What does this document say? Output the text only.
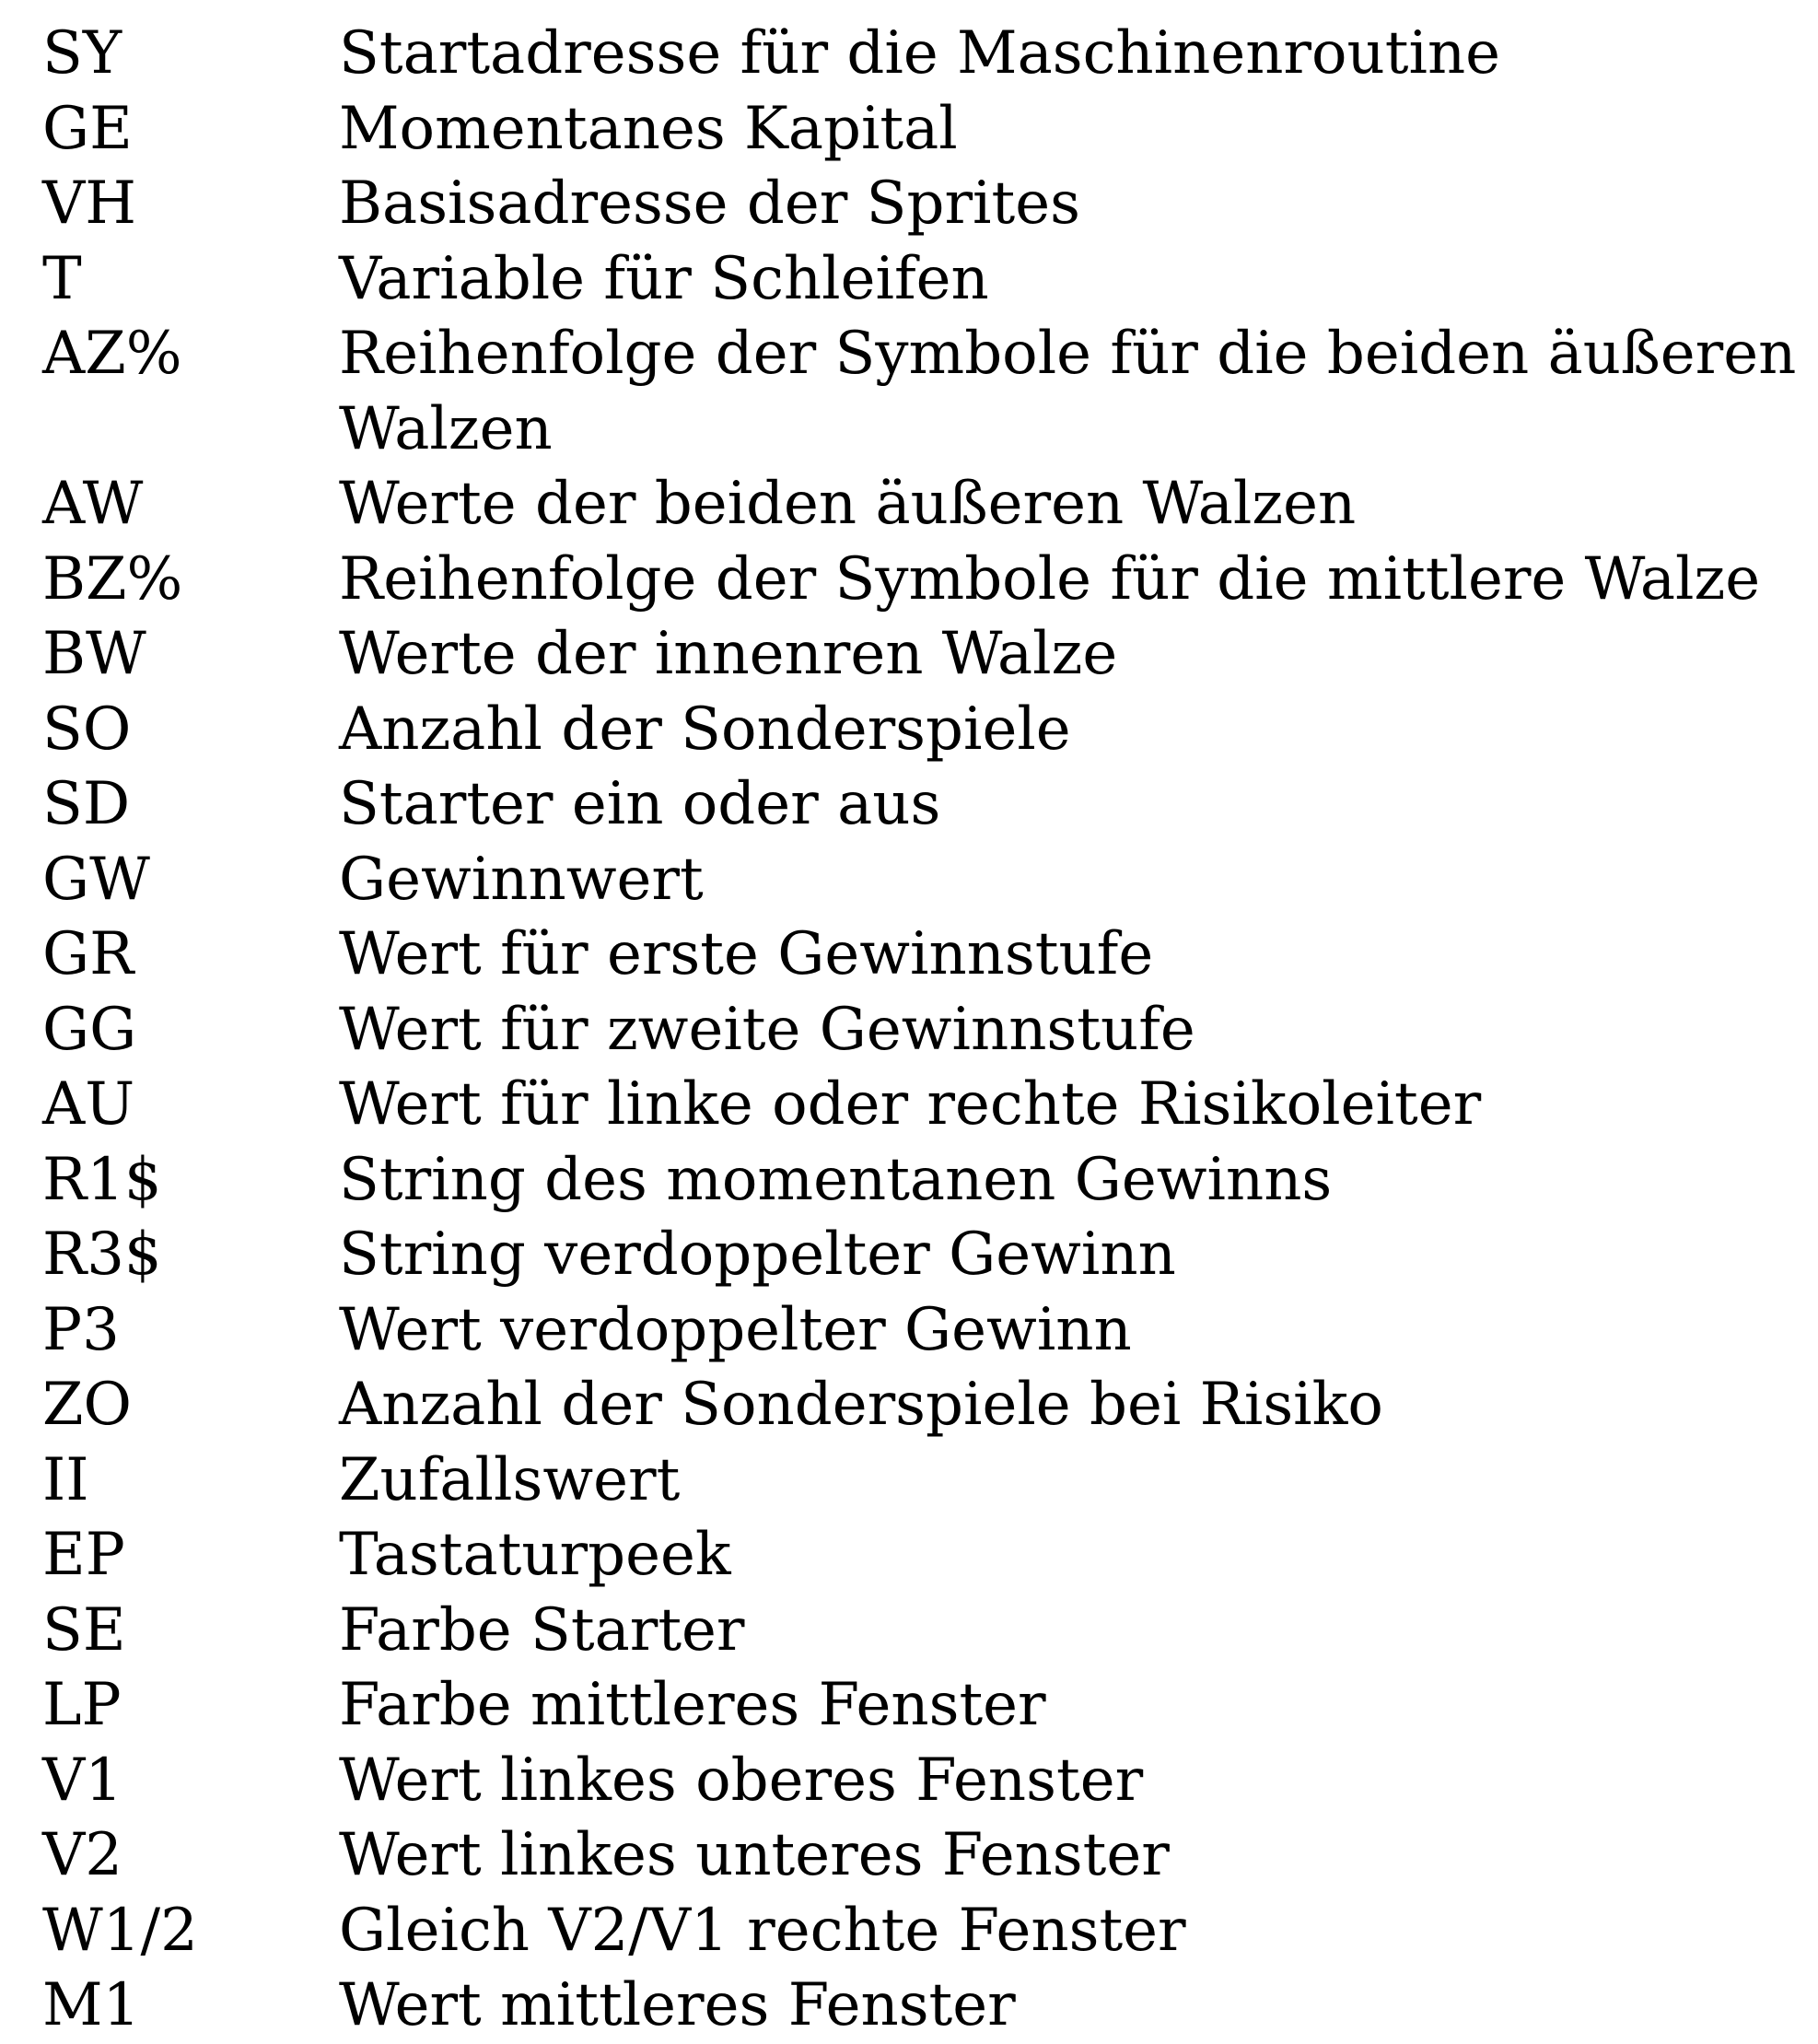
SY	Startadresse für die Maschinenroutine
GE	Momentanes Kapital
VH	Basisadresse der Sprites
T	Variable für Schleifen
AZ%	Reihenfolge der Symbole für die beiden äußeren Walzen
AW	Werte der beiden äußeren Walzen
BZ%	Reihenfolge der Symbole für die mittlere Walze
BW	Werte der innenren Walze
SO	Anzahl der Sonderspiele
SD	Starter ein oder aus
GW	Gewinnwert
GR	Wert für erste Gewinnstufe
GG	Wert für zweite Gewinnstufe
AU	Wert für linke oder rechte Risikoleiter
R1$	String des momentanen Gewinns
R3$	String verdoppelter Gewinn
P3	Wert verdoppelter Gewinn
ZO	Anzahl der Sonderspiele bei Risiko
II	Zufallswert
EP	Tastaturpeek
SE	Farbe Starter
LP	Farbe mittleres Fenster
V1	Wert linkes oberes Fenster
V2	Wert linkes unteres Fenster
W1/2	Gleich V2/V1 rechte Fenster
M1	Wert mittleres Fenster
